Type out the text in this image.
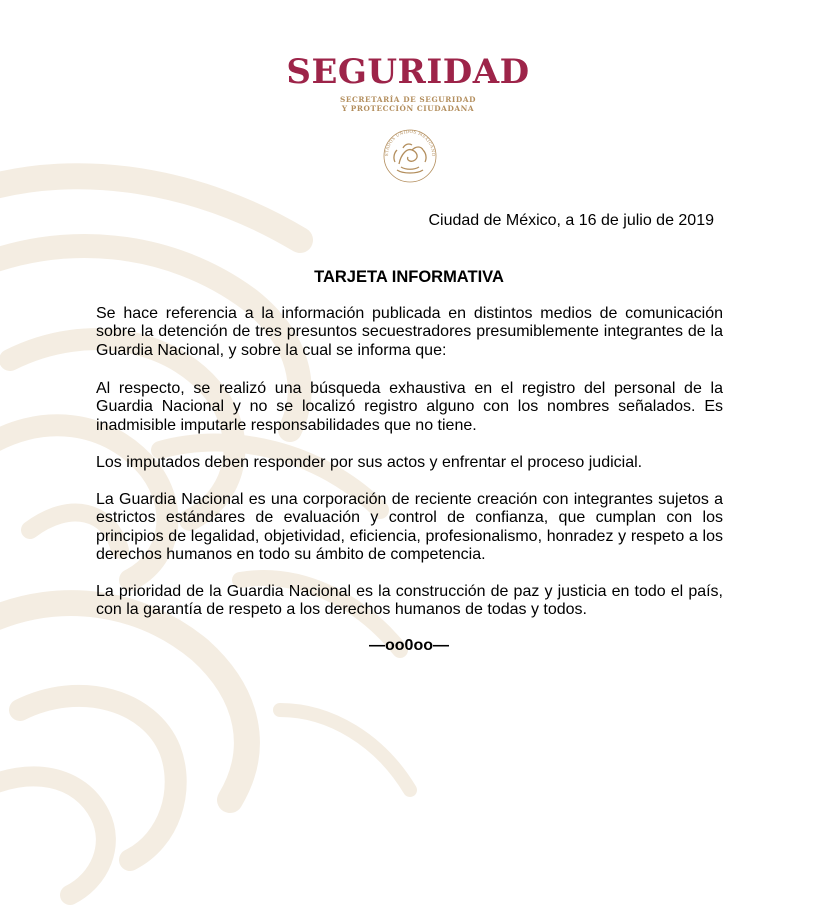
SEGURIDAD
SECRETARÍA DE SEGURIDAD
Y PROTECCIÓN CIUDADANA
STADOS UNIDOS MEXICANO
Ciudad de México, a 16 de julio de 2019
TARJETA INFORMATIVA

Se hace referencia a la información publicada en distintos medios de comunicación sobre la detención de tres presuntos secuestradores presumiblemente integrantes de la Guardia Nacional, y sobre la cual se informa que:

Al respecto, se realizó una búsqueda exhaustiva en el registro del personal de la Guardia Nacional y no se localizó registro alguno con los nombres señalados. Es inadmisible imputarle responsabilidades que no tiene.

Los imputados deben responder por sus actos y enfrentar el proceso judicial.

La Guardia Nacional es una corporación de reciente creación con integrantes sujetos a estrictos estándares de evaluación y control de confianza, que cumplan con los principios de legalidad, objetividad, eficiencia, profesionalismo, honradez y respeto a los derechos humanos en todo su ámbito de competencia.

La prioridad de la Guardia Nacional es la construcción de paz y justicia en todo el país, con la garantía de respeto a los derechos humanos de todas y todos.

—oo0oo—
